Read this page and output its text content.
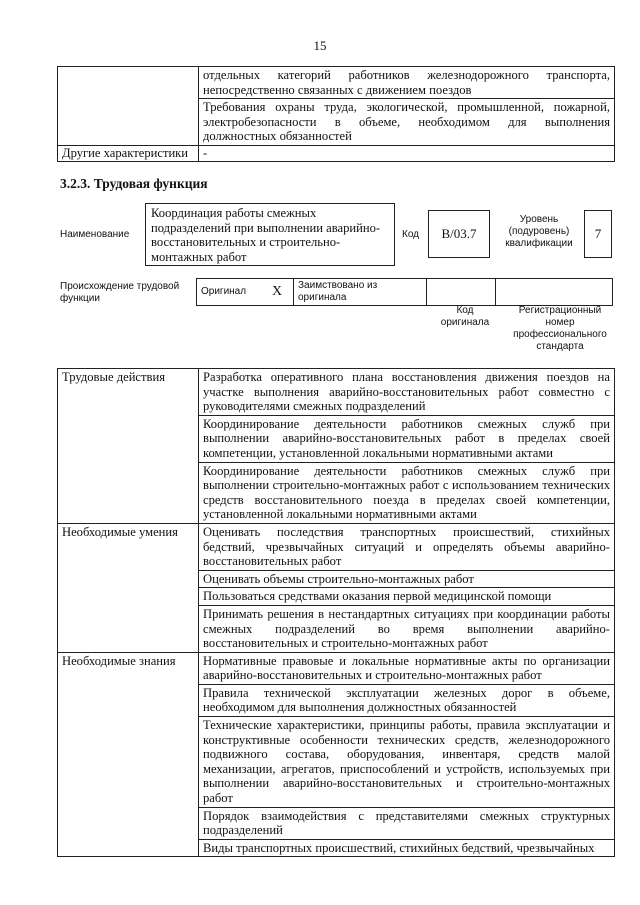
15

	отдельных категорий работников железнодорожного транспорта, непосредственно связанных с движением поездов
Требования охраны труда, экологической, промышленной, пожарной, электробезопасности в объеме, необходимом для выполнения должностных обязанностей

Другие характеристики	-
3.2.3. Трудовая функция
Наименование
Координация работы смежных подразделений при выполнении аварийно-восстановительных и строительно-монтажных работ
Код	В/03.7
Уровень (подуровень) квалификации
7
Происхождение трудовой функции
Оригинал	X	Заимствовано из оригинала		
Код оригинала
Регистрационный номер профессионального стандарта
Трудовые действия	Разработка оперативного плана восстановления движения поездов на участке выполнения аварийно-восстановительных работ совместно с руководителями смежных подразделений
Координирование деятельности работников смежных служб при выполнении аварийно-восстановительных работ в пределах своей компетенции, установленной локальными нормативными актами
Координирование деятельности работников смежных служб при выполнении строительно-монтажных работ с использованием технических средств восстановительного поезда в пределах своей компетенции, установленной локальными нормативными актами

Необходимые умения	Оценивать последствия транспортных происшествий, стихийных бедствий, чрезвычайных ситуаций и определять объемы аварийно-восстановительных работ
Оценивать объемы строительно-монтажных работ
Пользоваться средствами оказания первой медицинской помощи
Принимать решения в нестандартных ситуациях при координации работы смежных подразделений во время выполнении аварийно-восстановительных и строительно-монтажных работ

Необходимые знания	Нормативные правовые и локальные нормативные акты по организации аварийно-восстановительных и строительно-монтажных работ
Правила технической эксплуатации железных дорог в объеме, необходимом для выполнения должностных обязанностей
Технические характеристики, принципы работы, правила эксплуатации и конструктивные особенности технических средств, железнодорожного подвижного состава, оборудования, инвентаря, средств малой механизации, агрегатов, приспособлений и устройств, используемых при выполнении аварийно-восстановительных и строительно-монтажных работ
Порядок взаимодействия с представителями смежных структурных подразделений
Виды транспортных происшествий, стихийных бедствий, чрезвычайных
